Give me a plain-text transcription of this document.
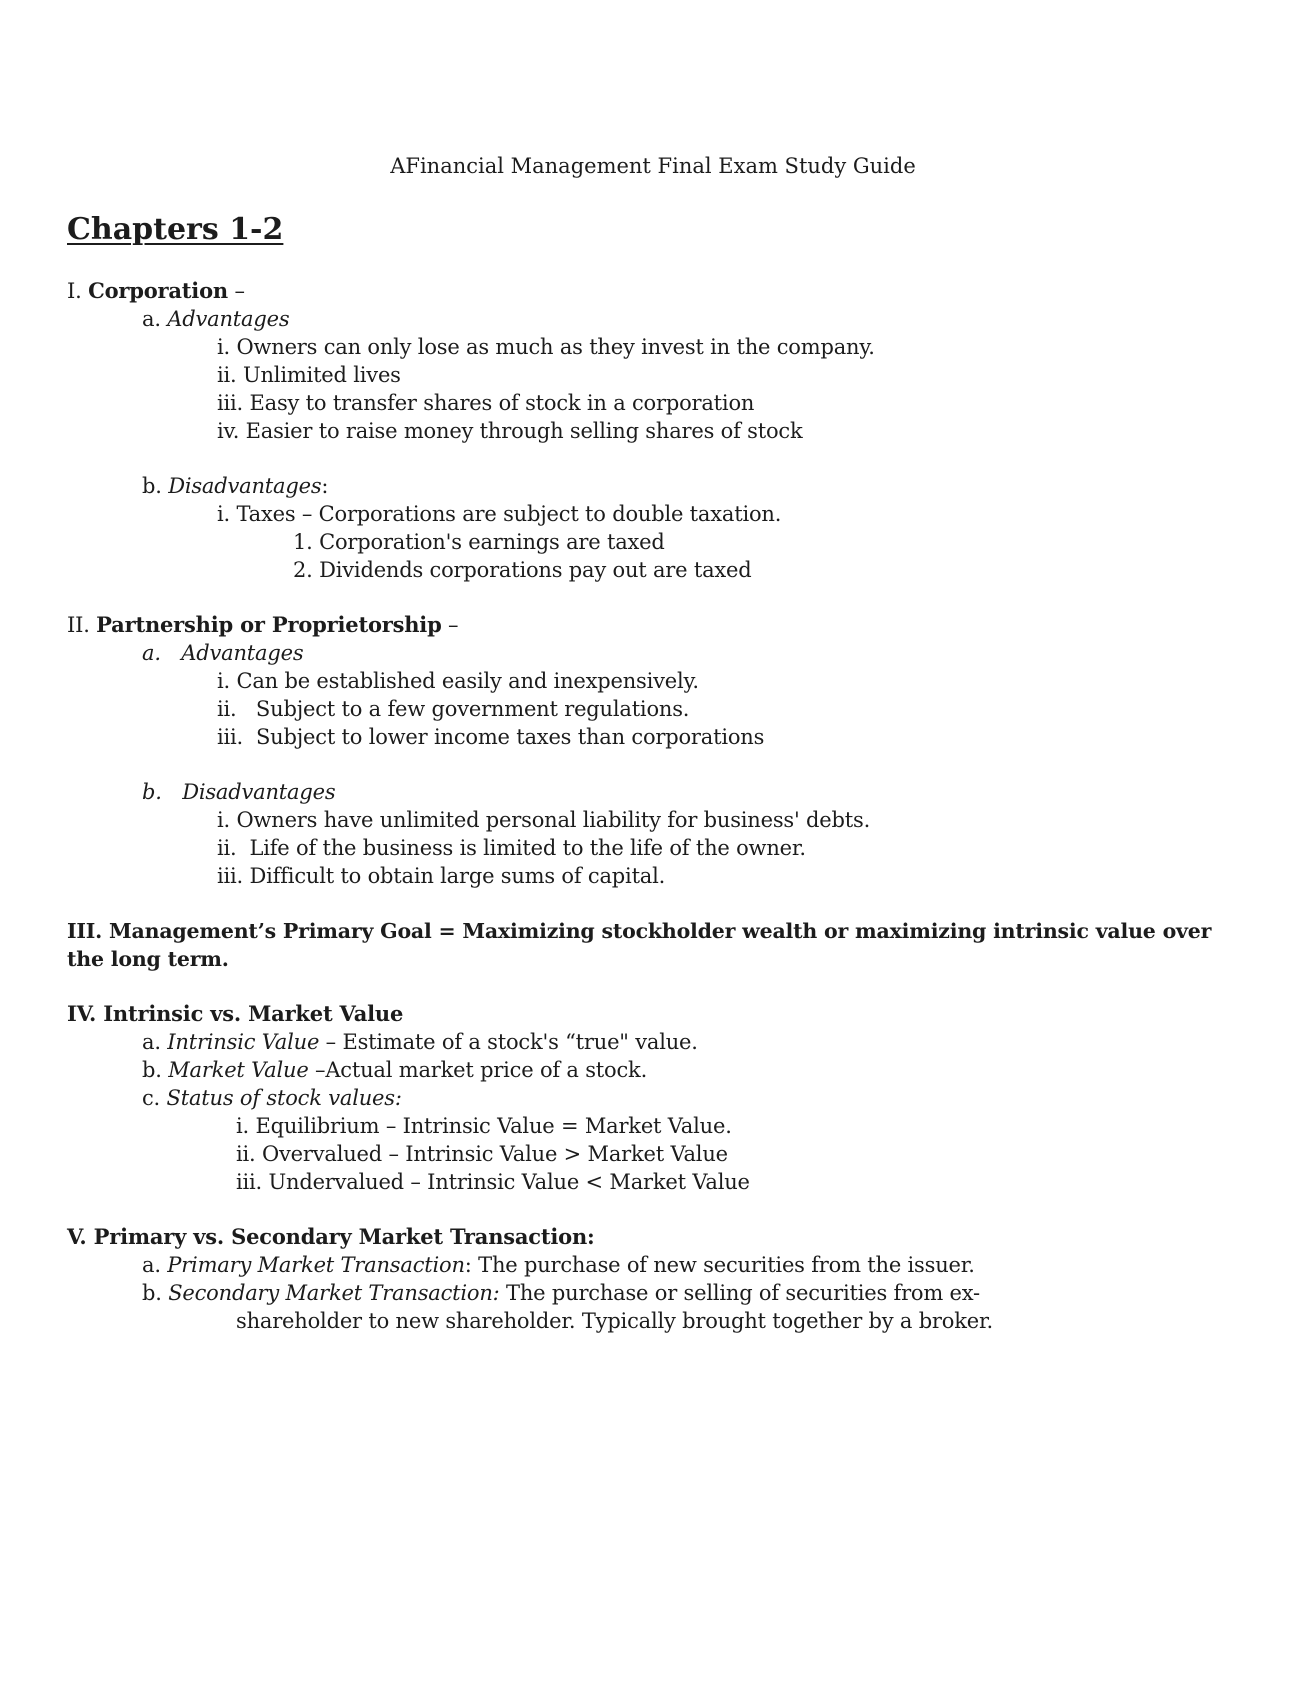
AFinancial Management Final Exam Study Guide
Chapters 1-2
I. Corporation –
a. Advantages
i. Owners can only lose as much as they invest in the company.
ii. Unlimited lives
iii. Easy to transfer shares of stock in a corporation
iv. Easier to raise money through selling shares of stock
b. Disadvantages:
i. Taxes – Corporations are subject to double taxation.
1. Corporation's earnings are taxed
2. Dividends corporations pay out are taxed
II. Partnership or Proprietorship –
a. Advantages
i. Can be established easily and inexpensively.
ii.   Subject to a few government regulations.
iii.  Subject to lower income taxes than corporations
b. Disadvantages
i. Owners have unlimited personal liability for business' debts.
ii.  Life of the business is limited to the life of the owner.
iii. Difficult to obtain large sums of capital.
III. Management’s Primary Goal = Maximizing stockholder wealth or maximizing intrinsic value over
the long term.
IV. Intrinsic vs. Market Value
a. Intrinsic Value – Estimate of a stock's “true" value.
b. Market Value –Actual market price of a stock.
c. Status of stock values:
i. Equilibrium – Intrinsic Value = Market Value.
ii. Overvalued – Intrinsic Value > Market Value
iii. Undervalued – Intrinsic Value < Market Value
V. Primary vs. Secondary Market Transaction:
a. Primary Market Transaction: The purchase of new securities from the issuer.
b. Secondary Market Transaction: The purchase or selling of securities from ex-
shareholder to new shareholder. Typically brought together by a broker.
